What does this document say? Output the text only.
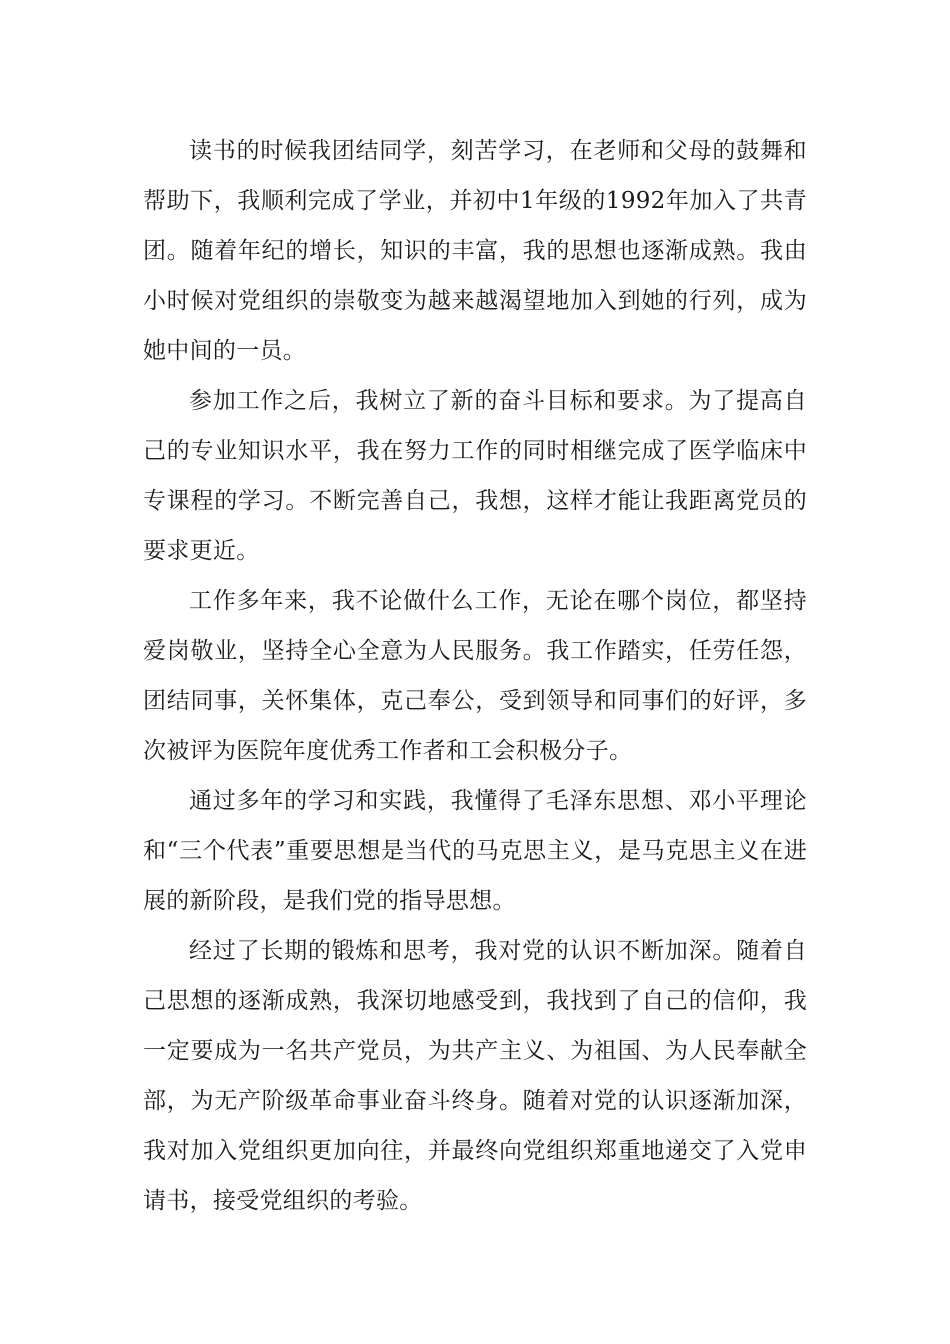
读书的时候我团结同学，刻苦学习，在老师和父母的鼓舞和帮助下，我顺利完成了学业，并初中1年级的1992年加入了共青团。随着年纪的增长，知识的丰富，我的思想也逐渐成熟。我由小时候对党组织的崇敬变为越来越渴望地加入到她的行列，成为她中间的一员。

参加工作之后，我树立了新的奋斗目标和要求。为了提高自己的专业知识水平，我在努力工作的同时相继完成了医学临床中专课程的学习。不断完善自己，我想，这样才能让我距离党员的要求更近。

工作多年来，我不论做什么工作，无论在哪个岗位，都坚持爱岗敬业，坚持全心全意为人民服务。我工作踏实，任劳任怨，团结同事，关怀集体，克己奉公，受到领导和同事们的好评，多次被评为医院年度优秀工作者和工会积极分子。

通过多年的学习和实践，我懂得了毛泽东思想、邓小平理论和“三个代表”重要思想是当代的马克思主义，是马克思主义在进展的新阶段，是我们党的指导思想。

经过了长期的锻炼和思考，我对党的认识不断加深。随着自己思想的逐渐成熟，我深切地感受到，我找到了自己的信仰，我一定要成为一名共产党员，为共产主义、为祖国、为人民奉献全部，为无产阶级革命事业奋斗终身。随着对党的认识逐渐加深，我对加入党组织更加向往，并最终向党组织郑重地递交了入党申请书，接受党组织的考验。
